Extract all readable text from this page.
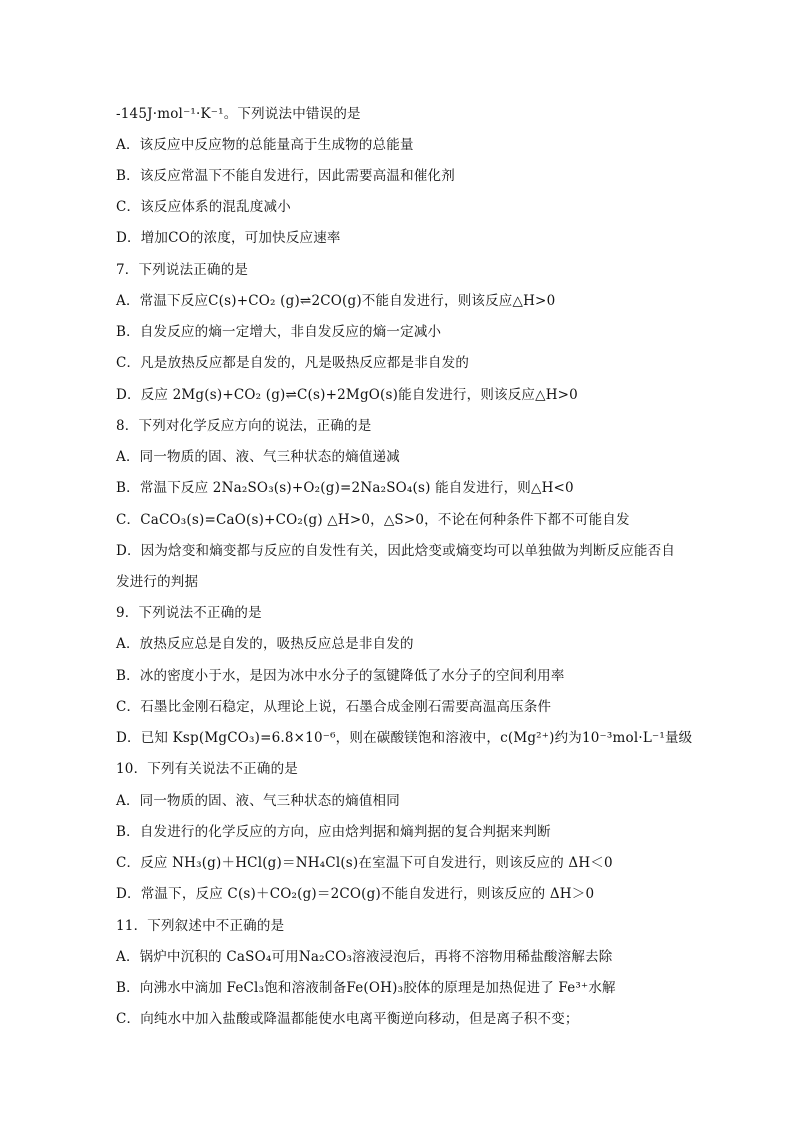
-145J·mol⁻¹·K⁻¹。下列说法中错误的是
A．该反应中反应物的总能量高于生成物的总能量
B．该反应常温下不能自发进行，因此需要高温和催化剂
C．该反应体系的混乱度减小
D．增加CO的浓度，可加快反应速率
7．下列说法正确的是
A．常温下反应C(s)+CO₂ (g)⇌2CO(g)不能自发进行，则该反应△H>0
B．自发反应的熵一定增大，非自发反应的熵一定减小
C．凡是放热反应都是自发的，凡是吸热反应都是非自发的
D．反应 2Mg(s)+CO₂ (g)⇌C(s)+2MgO(s)能自发进行，则该反应△H>0
8．下列对化学反应方向的说法，正确的是
A．同一物质的固、液、气三种状态的熵值递减
B．常温下反应 2Na₂SO₃(s)+O₂(g)=2Na₂SO₄(s) 能自发进行，则△H<0
C．CaCO₃(s)=CaO(s)+CO₂(g) △H>0，△S>0，不论在何种条件下都不可能自发
D．因为焓变和熵变都与反应的自发性有关，因此焓变或熵变均可以单独做为判断反应能否自
发进行的判据
9．下列说法不正确的是
A．放热反应总是自发的，吸热反应总是非自发的
B．冰的密度小于水，是因为冰中水分子的氢键降低了水分子的空间利用率
C．石墨比金刚石稳定，从理论上说，石墨合成金刚石需要高温高压条件
D．已知 Ksp(MgCO₃)=6.8×10⁻⁶，则在碳酸镁饱和溶液中，c(Mg²⁺)约为10⁻³mol·L⁻¹量级
10．下列有关说法不正确的是
A．同一物质的固、液、气三种状态的熵值相同
B．自发进行的化学反应的方向，应由焓判据和熵判据的复合判据来判断
C．反应 NH₃(g)＋HCl(g)＝NH₄Cl(s)在室温下可自发进行，则该反应的 ΔH＜0
D．常温下，反应 C(s)＋CO₂(g)＝2CO(g)不能自发进行，则该反应的 ΔH＞0
11．下列叙述中不正确的是
A．锅炉中沉积的 CaSO₄可用Na₂CO₃溶液浸泡后，再将不溶物用稀盐酸溶解去除
B．向沸水中滴加 FeCl₃饱和溶液制备Fe(OH)₃胶体的原理是加热促进了 Fe³⁺水解
C．向纯水中加入盐酸或降温都能使水电离平衡逆向移动，但是离子积不变；
